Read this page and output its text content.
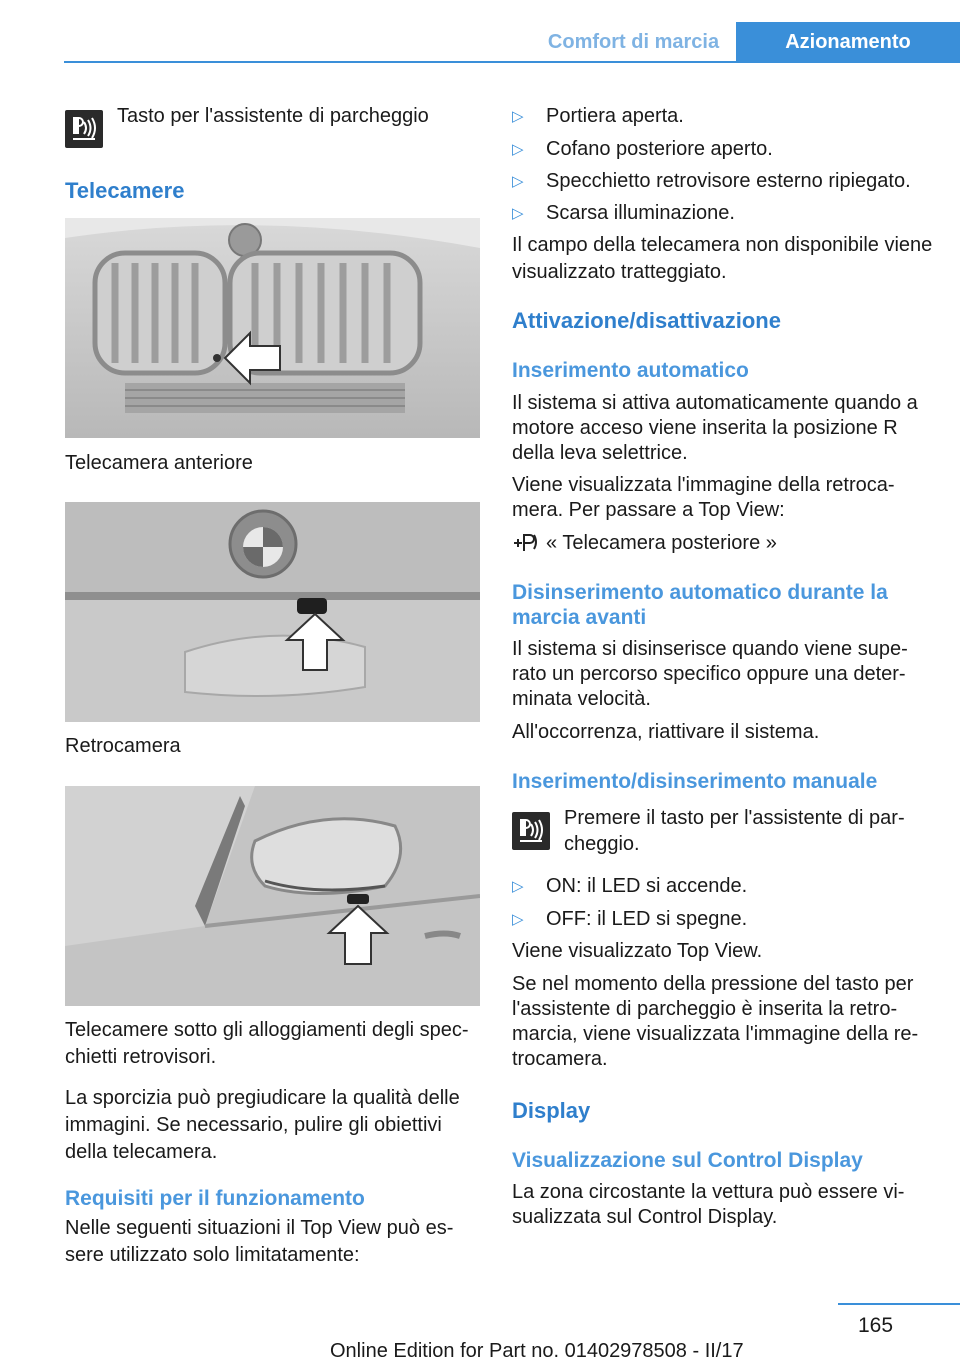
Comfort di marcia	Azionamento
Tasto per l'assistente di parcheggio
Telecamere
Telecamera anteriore
Retrocamera
Telecamere sotto gli alloggiamenti degli spec-
chietti retrovisori.
La sporcizia può pregiudicare la qualità delle
immagini. Se necessario, pulire gli obiettivi
della telecamera.
Requisiti per il funzionamento
Nelle seguenti situazioni il Top View può es-
sere utilizzato solo limitatamente:
▷ Portiera aperta.
▷ Cofano posteriore aperto.
▷ Specchietto retrovisore esterno ripiegato.
▷ Scarsa illuminazione.
Il campo della telecamera non disponibile viene
visualizzato tratteggiato.
Attivazione/disattivazione
Inserimento automatico
Il sistema si attiva automaticamente quando a
motore acceso viene inserita la posizione R
della leva selettrice.
Viene visualizzata l'immagine della retroca-
mera. Per passare a Top View:
« Telecamera posteriore »
Disinserimento automatico durante la
marcia avanti
Il sistema si disinserisce quando viene supe-
rato un percorso specifico oppure una deter-
minata velocità.
All'occorrenza, riattivare il sistema.
Inserimento/disinserimento manuale
Premere il tasto per l'assistente di par-
cheggio.
▷ ON: il LED si accende.
▷ OFF: il LED si spegne.
Viene visualizzato Top View.
Se nel momento della pressione del tasto per
l'assistente di parcheggio è inserita la retro-
marcia, viene visualizzata l'immagine della re-
trocamera.
Display
Visualizzazione sul Control Display
La zona circostante la vettura può essere vi-
sualizzata sul Control Display.
165
Online Edition for Part no. 01402978508 - II/17
